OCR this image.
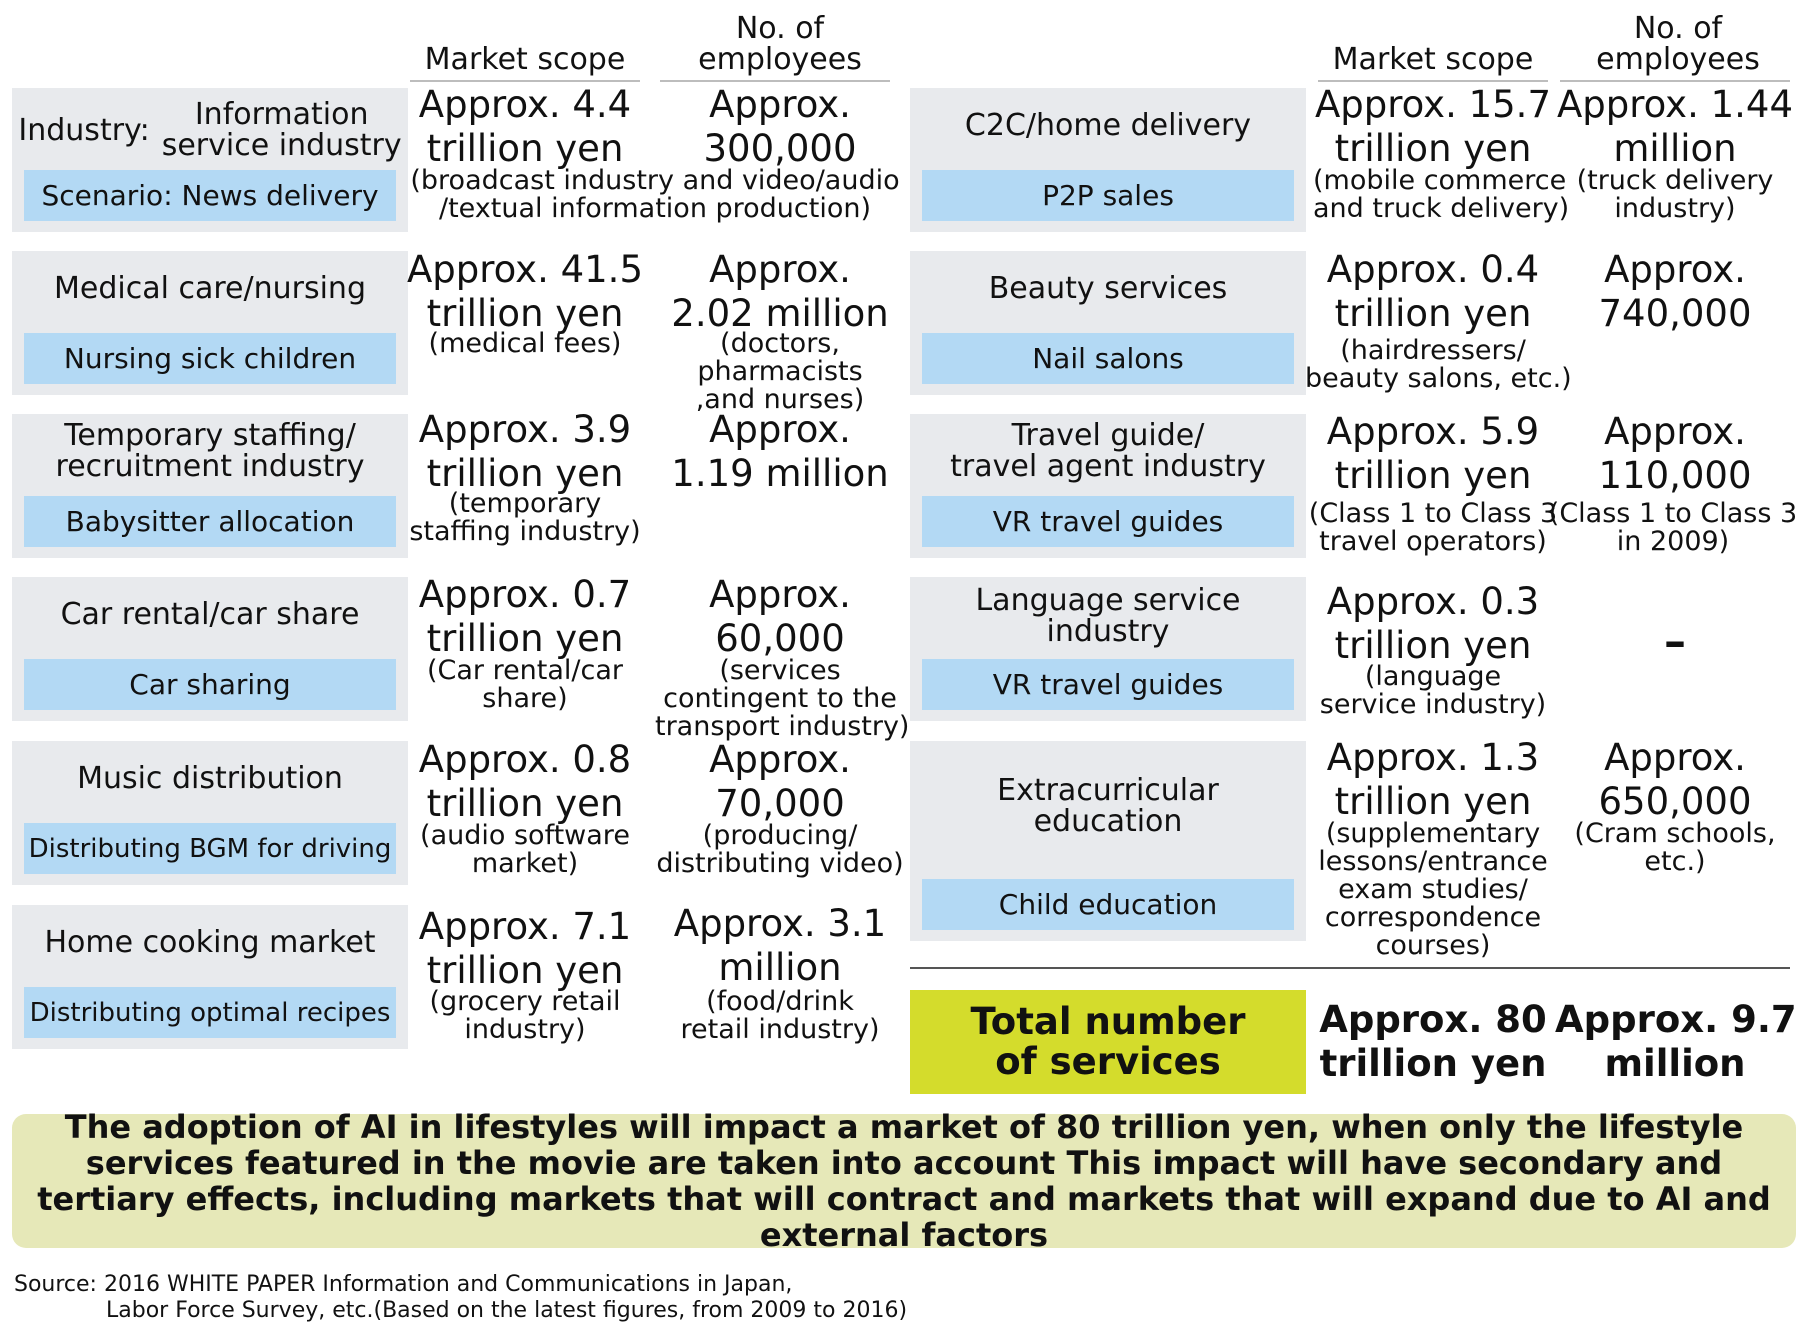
Market scope
No. of
employees	Market scope
No. of
employees
Industry:	Information
service industry
Scenario: News delivery
Approx. 4.4
trillion yen
Approx.
300,000
(broadcast industry and video/audio
/textual information production)
Medical care/nursing
Nursing sick children
Approx. 41.5
trillion yen
(medical fees)
Approx.
2.02 million
(doctors,
pharmacists
,and nurses)
Temporary staffing/
recruitment industry
Babysitter allocation
Approx. 3.9
trillion yen
(temporary
staffing industry)
Approx.
1.19 million
Car rental/car share
Car sharing
Approx. 0.7
trillion yen
(Car rental/car
share)
Approx.
60,000
(services
contingent to the
transport industry)
Music distribution
Distributing BGM for driving
Approx. 0.8
trillion yen
(audio software
market)
Approx.
70,000
(producing/
distributing video)
Home cooking market
Distributing optimal recipes
Approx. 7.1
trillion yen
(grocery retail
industry)
Approx. 3.1
million
(food/drink
retail industry)
C2C/home delivery
P2P sales
Approx. 15.7
trillion yen
(mobile commerce
and truck delivery)
Approx. 1.44
million
(truck delivery
industry)
Beauty services
Nail salons
Approx. 0.4
trillion yen
(hairdressers/
beauty salons, etc.)
Approx.
740,000
Travel guide/
travel agent industry
VR travel guides
Approx. 5.9
trillion yen
(Class 1 to Class 3
travel operators)
Approx.
110,000
(Class 1 to Class 3
in 2009)
Language service
industry
VR travel guides
Approx. 0.3
trillion yen
(language
service industry)
–
Extracurricular
education
Child education
Approx. 1.3
trillion yen
(supplementary
lessons/entrance
exam studies/
correspondence
courses)
Approx.
650,000
(Cram schools,
etc.)
Total number
of services
Approx. 80
trillion yen
Approx. 9.7
million
The adoption of AI in lifestyles will impact a market of 80 trillion yen, when only the lifestyle services featured in the movie are taken into account This impact will have secondary and tertiary effects, including markets that will contract and markets that will expand due to AI and external factors
Source: 2016 WHITE PAPER Information and Communications in Japan,
Labor Force Survey, etc.(Based on the latest figures, from 2009 to 2016)
